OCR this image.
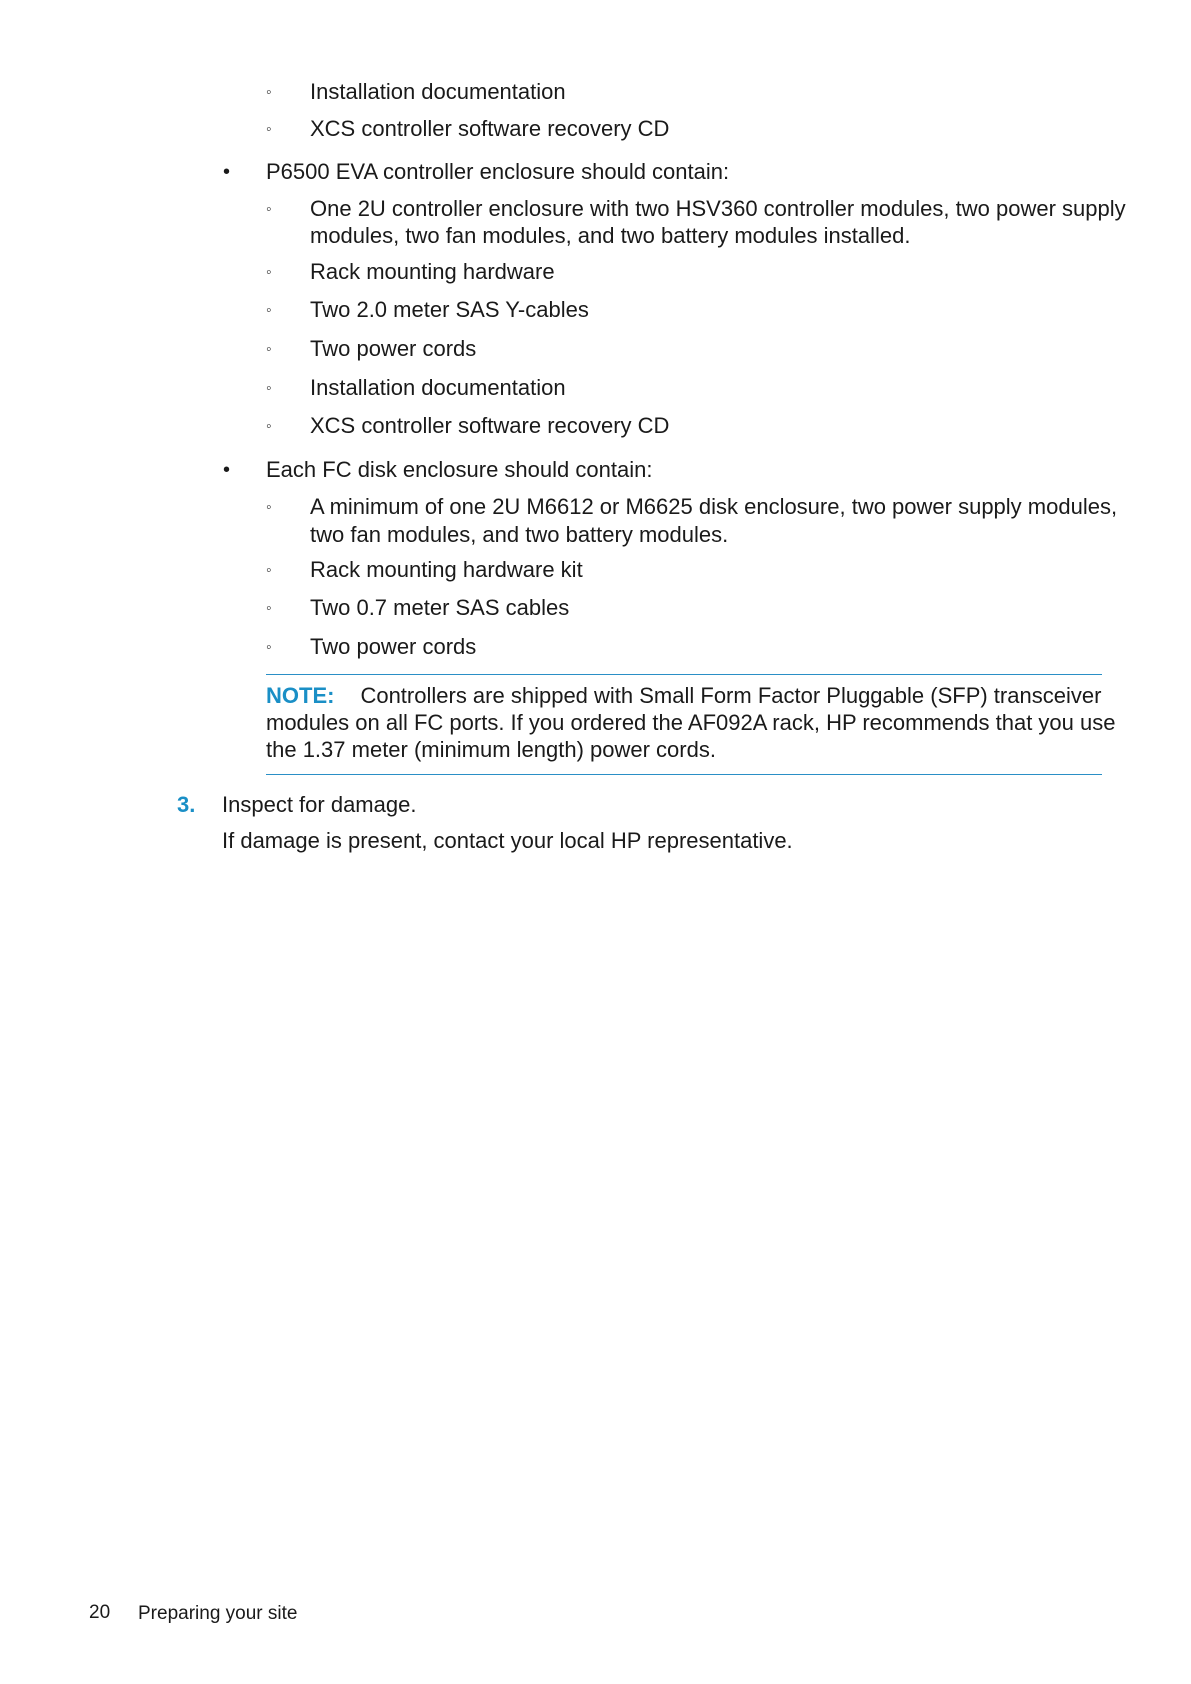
◦ Installation documentation
◦ XCS controller software recovery CD
• P6500 EVA controller enclosure should contain:
◦ One 2U controller enclosure with two HSV360 controller modules, two power supply
modules, two fan modules, and two battery modules installed.
◦ Rack mounting hardware
◦ Two 2.0 meter SAS Y-cables
◦ Two power cords
◦ Installation documentation
◦ XCS controller software recovery CD
• Each FC disk enclosure should contain:
◦ A minimum of one 2U M6612 or M6625 disk enclosure, two power supply modules,
two fan modules, and two battery modules.
◦ Rack mounting hardware kit
◦ Two 0.7 meter SAS cables
◦ Two power cords
NOTE: Controllers are shipped with Small Form Factor Pluggable (SFP) transceiver
modules on all FC ports. If you ordered the AF092A rack, HP recommends that you use
the 1.37 meter (minimum length) power cords.
3. Inspect for damage.
If damage is present, contact your local HP representative.
20 Preparing your site
